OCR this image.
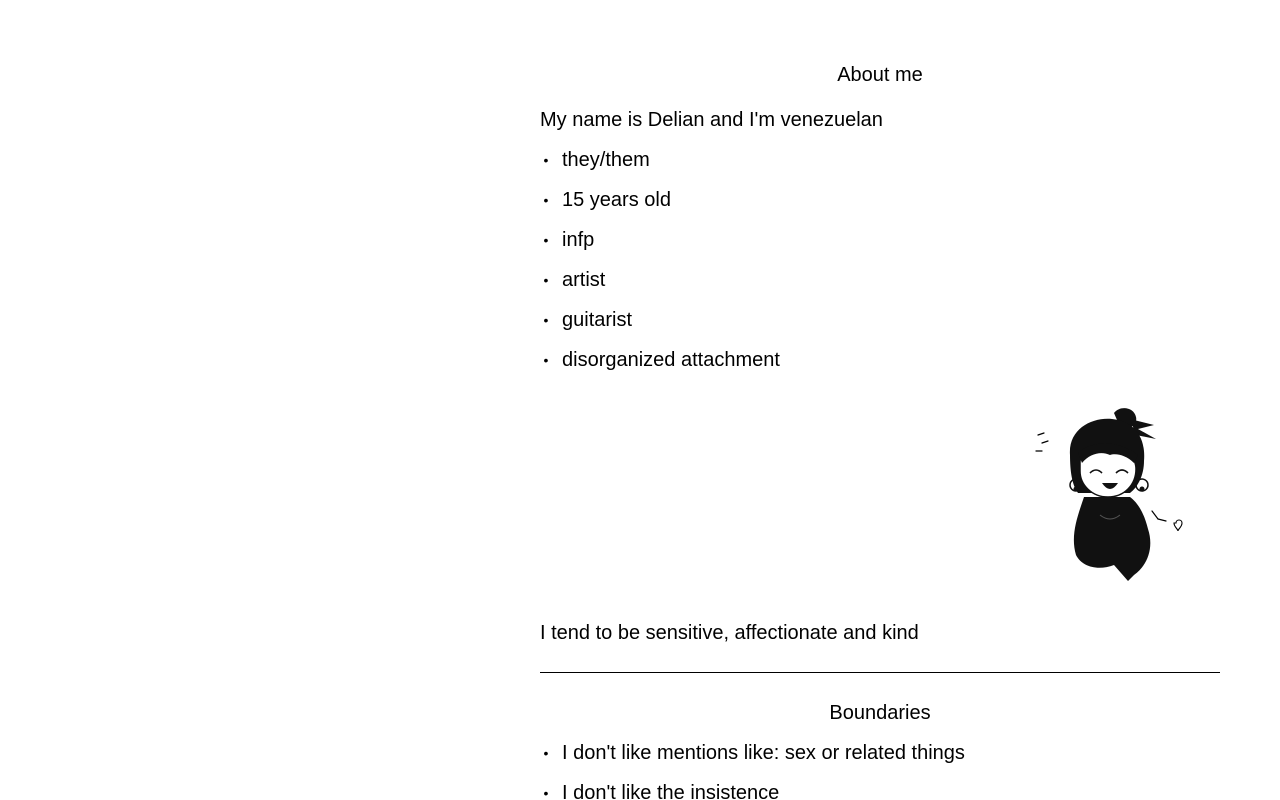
About me

My name is Delian and I'm venezuelan

• they/them
• 15 years old
• infp
• artist
• guitarist
• disorganized attachment

I tend to be sensitive, affectionate and kind

Boundaries
• I don't like mentions like: sex or related things
• I don't like the insistence
